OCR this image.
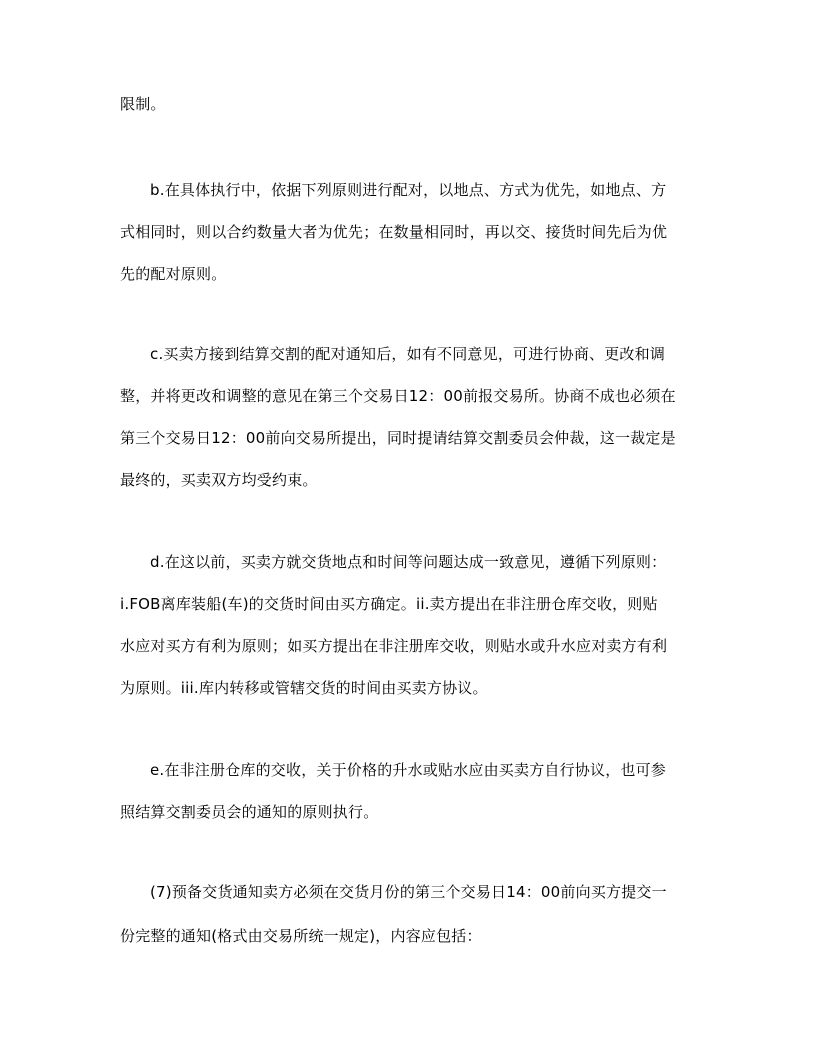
限制。
b.在具体执行中，依据下列原则进行配对，以地点、方式为优先，如地点、方
式相同时，则以合约数量大者为优先；在数量相同时，再以交、接货时间先后为优
先的配对原则。
c.买卖方接到结算交割的配对通知后，如有不同意见，可进行协商、更改和调
整，并将更改和调整的意见在第三个交易日12：00前报交易所。协商不成也必须在
第三个交易日12：00前向交易所提出，同时提请结算交割委员会仲裁，这一裁定是
最终的，买卖双方均受约束。
d.在这以前，买卖方就交货地点和时间等问题达成一致意见，遵循下列原则：
i.FOB离库装船(车)的交货时间由买方确定。ii.卖方提出在非注册仓库交收，则贴
水应对买方有利为原则；如买方提出在非注册库交收，则贴水或升水应对卖方有利
为原则。iii.库内转移或管辖交货的时间由买卖方协议。
e.在非注册仓库的交收，关于价格的升水或贴水应由买卖方自行协议，也可参
照结算交割委员会的通知的原则执行。
(7)预备交货通知卖方必须在交货月份的第三个交易日14：00前向买方提交一
份完整的通知(格式由交易所统一规定)，内容应包括：
